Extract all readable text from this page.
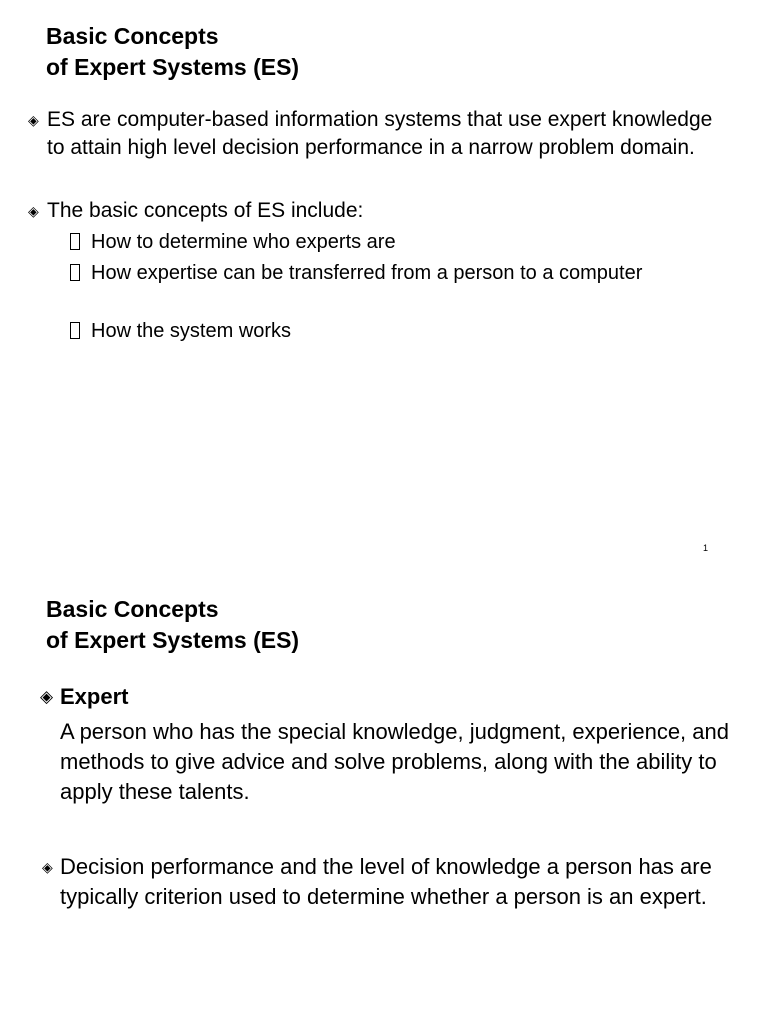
Basic Concepts
of Expert Systems (ES)
◈ ES are computer-based information systems that use expert knowledge to attain high level decision performance in a narrow problem domain.
◈ The basic concepts of ES include:
How to determine who experts are
How expertise can be transferred from a person to a computer
How the system works
1
Basic Concepts
of Expert Systems (ES)
◈ Expert

A person who has the special knowledge, judgment, experience, and methods to give advice and solve problems, along with the ability to apply these talents.

◈ Decision performance and the level of knowledge a person has are typically criterion used to determine whether a person is an expert.
